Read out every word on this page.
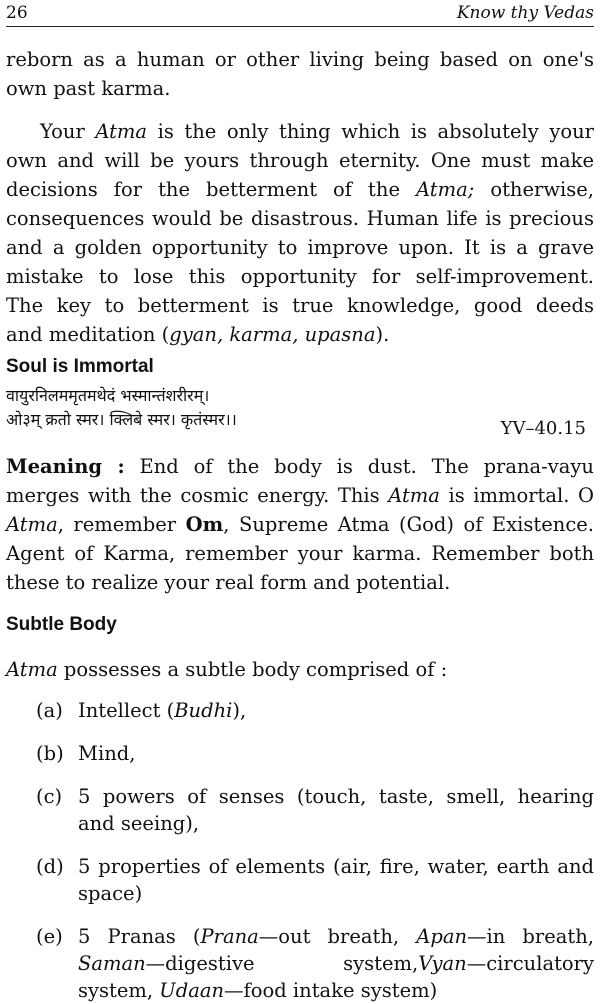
26	Know thy Vedas
reborn as a human or other living being based on one's
own past karma.
Your Atma is the only thing which is absolutely your
own and will be yours through eternity. One must make
decisions for the betterment of the Atma; otherwise,
consequences would be disastrous. Human life is precious
and a golden opportunity to improve upon. It is a grave
mistake to lose this opportunity for self-improvement.
The key to betterment is true knowledge, good deeds
and meditation (gyan, karma, upasna).
Soul is Immortal
वायुरनिलममृतमथेदं भस्मान्तंशरीरम्।
ओ३म् क्रतो स्मर। क्लिबे स्मर। कृतंस्मर।।	YV–40.15
Meaning : End of the body is dust. The prana-vayu
merges with the cosmic energy. This Atma is immortal. O
Atma, remember Om, Supreme Atma (God) of Existence.
Agent of Karma, remember your karma. Remember both
these to realize your real form and potential.
Subtle Body
Atma possesses a subtle body comprised of :
(a) Intellect (Budhi),
(b) Mind,
(c) 5 powers of senses (touch, taste, smell, hearing
and seeing),
(d) 5 properties of elements (air, fire, water, earth and
space)
(e) 5 Pranas (Prana—out breath, Apan—in breath,
Saman—digestive system,Vyan—circulatory
system, Udaan—food intake system)
